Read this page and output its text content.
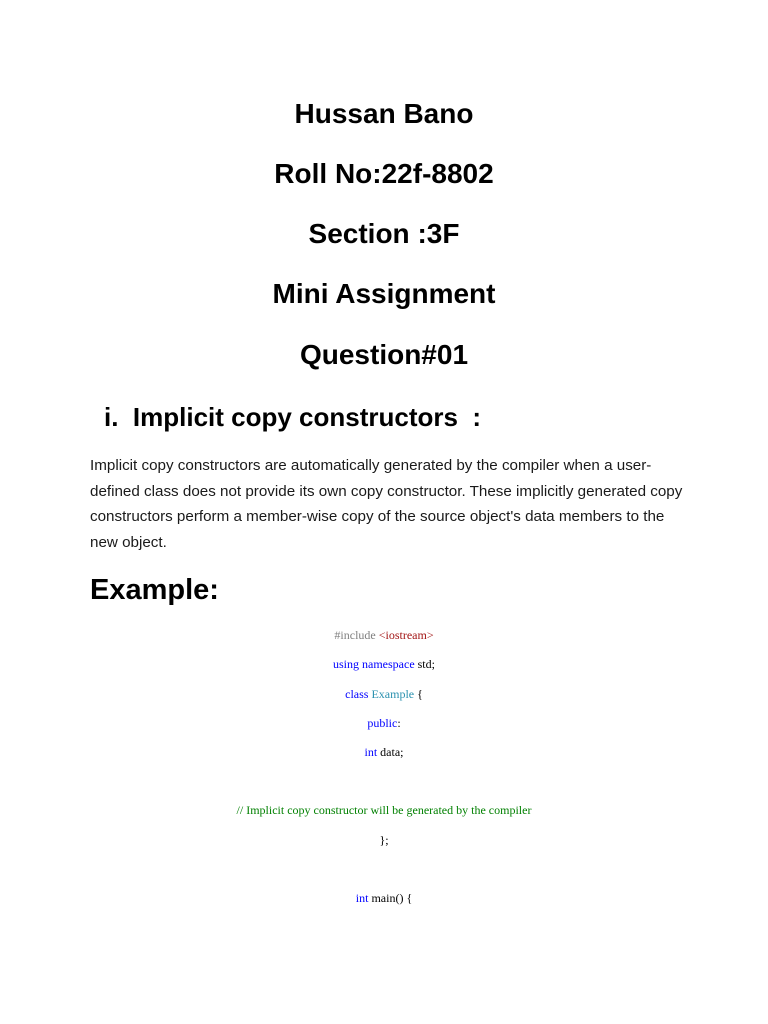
Hussan Bano
Roll No:22f-8802
Section :3F
Mini Assignment
Question#01
i.  Implicit copy constructors  :

Implicit copy constructors are automatically generated by the compiler when a user-defined class does not provide its own copy constructor. These implicitly generated copy constructors perform a member-wise copy of the source object's data members to the new object.

Example:
#include <iostream>
using namespace std;
class Example {
public:
int data;
// Implicit copy constructor will be generated by the compiler
};
int main() {
